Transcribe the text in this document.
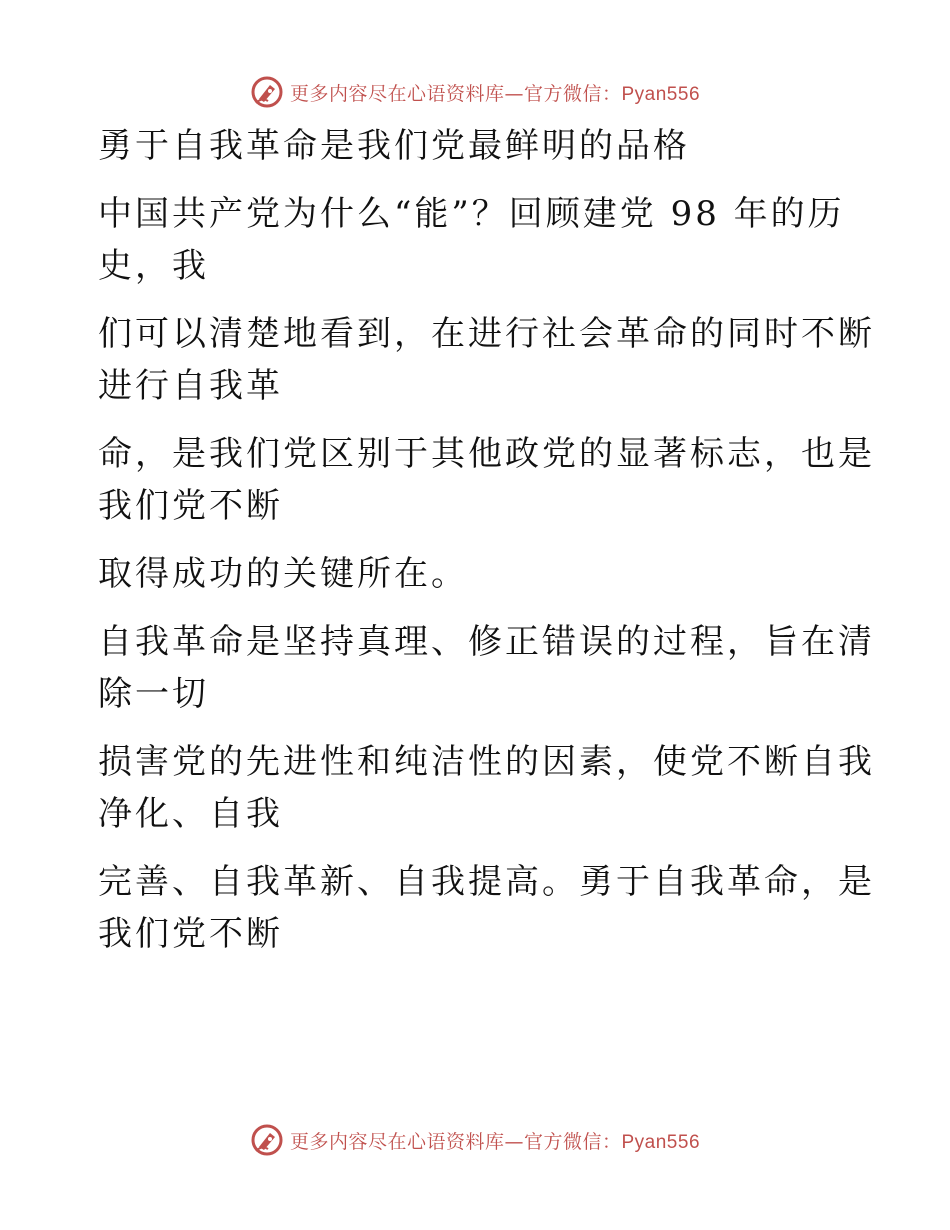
更多内容尽在心语资料库—官方微信：Pyan556
勇于自我革命是我们党最鲜明的品格
中国共产党为什么“能”？回顾建党 98 年的历
史，我
们可以清楚地看到，在进行社会革命的同时不断
进行自我革
命，是我们党区别于其他政党的显著标志，也是
我们党不断
取得成功的关键所在。
自我革命是坚持真理、修正错误的过程，旨在清
除一切
损害党的先进性和纯洁性的因素，使党不断自我
净化、自我
完善、自我革新、自我提高。勇于自我革命，是
我们党不断
更多内容尽在心语资料库—官方微信：Pyan556
